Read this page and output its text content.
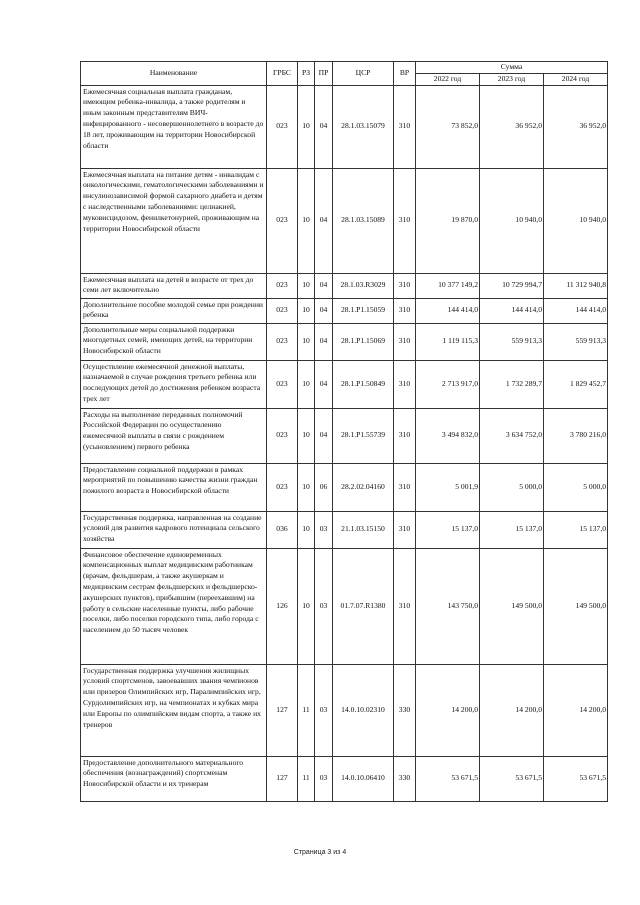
Наименование	ГРБС	РЗ	ПР	ЦСР	ВР	Сумма		
						2022 год	2023 год	2024 год
Ежемесячная социальная выплата гражданам, имеющим ребенка-инвалида, а также родителям и иным законным представителям ВИЧ-инфицированного - несовершеннолетнего в возрасте до 18 лет, проживающим на территории Новосибирской области	023	10	04	28.1.03.15079	310	73 852,0	36 952,0	36 952,0
Ежемесячная выплата на питание детям - инвалидам с онкологическими, гематологическими заболеваниями и инсулинозависимой формой сахарного диабета и детям с наследственными заболеваниями: целиакией, муковисцидозом, фенилкетонурией, проживающим на территории Новосибирской области	023	10	04	28.1.03.15089	310	19 870,0	10 940,0	10 940,0
Ежемесячная выплата на детей в возрасте от трех до семи лет включительно	023	10	04	28.1.03.R3029	310	10 377 149,2	10 729 994,7	11 312 940,8
Дополнительное пособие молодой семье при рождении ребенка	023	10	04	28.1.P1.15059	310	144 414,0	144 414,0	144 414,0
Дополнительные меры социальной поддержки многодетных семей, имеющих детей, на территории Новосибирской области	023	10	04	28.1.P1.15069	310	1 119 115,3	559 913,3	559 913,3
Осуществление ежемесячной денежной выплаты, назначаемой в случае рождения третьего ребенка или последующих детей до достижения ребенком возраста трех лет	023	10	04	28.1.P1.50849	310	2 713 917,0	1 732 289,7	1 829 452,7
Расходы на выполнение переданных полномочий Российской Федерации по осуществлению ежемесячной выплаты в связи с рождением (усыновлением) первого ребенка	023	10	04	28.1.P1.55739	310	3 494 832,0	3 634 752,0	3 780 216,0
Предоставление социальной поддержки в рамках мероприятий по повышению качества жизни граждан пожилого возраста в Новосибирской области	023	10	06	28.2.02.04160	310	5 001,9	5 000,0	5 000,0
Государственная поддержка, направленная на создание условий для развития кадрового потенциала сельского хозяйства	036	10	03	21.1.03.15150	310	15 137,0	15 137,0	15 137,0
Финансовое обеспечение единовременных компенсационных выплат медицинским работникам (врачам, фельдшерам, а также акушеркам и медицинским сестрам фельдшерских и фельдшерско-акушерских пунктов), прибывшим (переехавшим) на работу в сельские населенные пункты, либо рабочие поселки, либо поселки городского типа, либо города с населением до 50 тысяч человек	126	10	03	01.7.07.R1380	310	143 750,0	149 500,0	149 500,0
Государственная поддержка улучшения жилищных условий спортсменов, завоевавших звания чемпионов или призеров Олимпийских игр, Паралимпийских игр, Сурдолимпийских игр, на чемпионатах и кубках мира или Европы по олимпийским видам спорта, а также их тренеров	127	11	03	14.0.10.02310	330	14 200,0	14 200,0	14 200,0
Предоставление дополнительного материального обеспечения (вознаграждений) спортсменам Новосибирской области и их тренерам	127	11	03	14.0.10.06410	330	53 671,5	53 671,5	53 671,5
Страница 3 из 4
